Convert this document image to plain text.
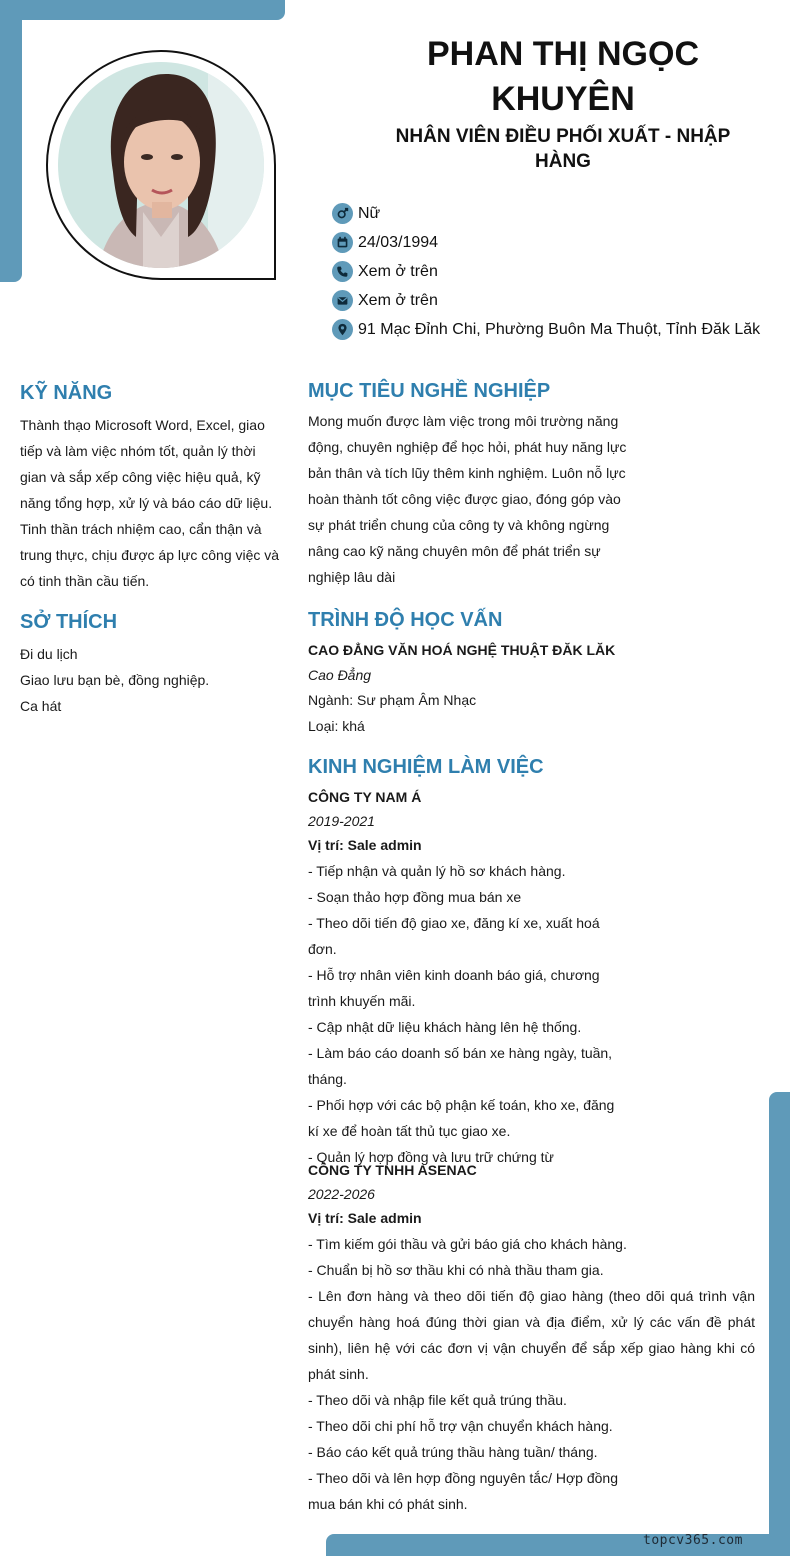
PHAN THỊ NGỌC KHUYÊN
NHÂN VIÊN ĐIỀU PHỐI XUẤT - NHẬP HÀNG
Nữ
24/03/1994
Xem ở trên
Xem ở trên
91 Mạc Đỉnh Chi, Phường Buôn Ma Thuột, Tỉnh Đăk Lăk
KỸ NĂNG
Thành thạo Microsoft Word, Excel, giao tiếp và làm việc nhóm tốt, quản lý thời gian và sắp xếp công việc hiệu quả, kỹ năng tổng hợp, xử lý và báo cáo dữ liệu. Tinh thần trách nhiệm cao, cẩn thận và trung thực, chịu được áp lực công việc và có tinh thần cầu tiến.
SỞ THÍCH

Đi du lịch

Giao lưu bạn bè, đồng nghiệp.

Ca hát

MỤC TIÊU NGHỀ NGHIỆP
Mong muốn được làm việc trong môi trường năng động, chuyên nghiệp để học hỏi, phát huy năng lực bản thân và tích lũy thêm kinh nghiệm. Luôn nỗ lực hoàn thành tốt công việc được giao, đóng góp vào sự phát triển chung của công ty và không ngừng nâng cao kỹ năng chuyên môn để phát triển sự nghiệp lâu dài
TRÌNH ĐỘ HỌC VẤN

CAO ĐẲNG VĂN HOÁ NGHỆ THUẬT ĐĂK LĂK

Cao Đẳng

Ngành: Sư phạm Âm Nhạc

Loại: khá

KINH NGHIỆM LÀM VIỆC

CÔNG TY NAM Á

2019-2021

Vị trí: Sale admin

- Tiếp nhận và quản lý hồ sơ khách hàng.

- Soạn thảo hợp đồng mua bán xe

- Theo dõi tiến độ giao xe, đăng kí xe, xuất hoá đơn.

- Hỗ trợ nhân viên kinh doanh báo giá, chương trình khuyến mãi.

- Cập nhật dữ liệu khách hàng lên hệ thống.

- Làm báo cáo doanh số bán xe hàng ngày, tuần, tháng.

- Phối hợp với các bộ phận kế toán, kho xe, đăng kí xe để hoàn tất thủ tục giao xe.

- Quản lý hợp đồng và lưu trữ chứng từ

CÔNG TY TNHH ASENAC

2022-2026

Vị trí: Sale admin

- Tìm kiếm gói thầu và gửi báo giá cho khách hàng.

- Chuẩn bị hồ sơ thầu khi có nhà thầu tham gia.

- Lên đơn hàng và theo dõi tiến độ giao hàng (theo dõi quá trình vận chuyển hàng hoá đúng thời gian và địa điểm, xử lý các vấn đề phát sinh), liên hệ với các đơn vị vận chuyển để sắp xếp giao hàng khi có phát sinh.

- Theo dõi và nhập file kết quả trúng thầu.

- Theo dõi chi phí hỗ trợ vận chuyển khách hàng.

- Báo cáo kết quả trúng thầu hàng tuần/ tháng.

- Theo dõi và lên hợp đồng nguyên tắc/ Hợp đồng mua bán khi có phát sinh.

topcv365.com
